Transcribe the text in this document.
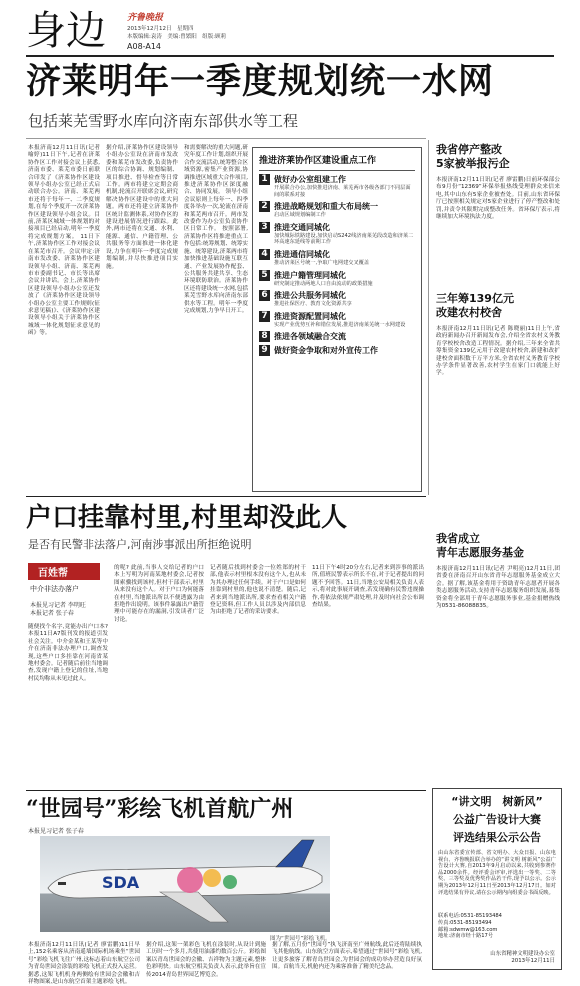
身边 齐鲁晚报
2013年12月12日　星期四
本版编辑:袁涛　美编:曾繁阳　组版:顾莉
A08-A14
济莱明年一季度规划统一水网
包括莱芜雪野水库向济南东部供水等工程
本报济南12月11日讯(记者 喻婷)11日下午,记者在济莱协作区工作对接会议上获悉,济南市委、莱芜市委日前联合印发了《济莱协作区建设领导小组办公室已经正式启动联合办公。济南、莱芜两市还将于每年一、二季度规划,在每个季度开一次济莱协作区建设领导小组会议。目前,济莱区城域一体规划的对接项目已经启动,明年一季度将完成规划方案。 11日下午,济莱协作区工作对接会议在莱芜市召开。会议审定:济南市发改委、济莱协作区建设领导小组、济南、莱芜两市市委副书记、市长等出席会议并讲话。会上,济莱协作区建设领导小组办公室还发放了《济莱协作区建设领导小组办公室主要工作规则(征求意见稿)》、《济莱协作区建设领导小组关于济莱协作区城域一体化规划征求意见的函》等。
据介绍,济莱协作区建设领导小组办公室设在济南市发改委和莱芜市发改委,负责协作区的综合协调、规划编制、项目推进、督导检查等日常工作。两市将建立定期会商机制,轮流召开联席会议,研究解决协作区建设中的重大问题。两市还将建立济莱协作区统计监测体系,对协作区的建设进展情况进行跟踪。此外,两市还将在交通、水利、能源、通信、户籍管理、公共服务等方面推进一体化建设,力争在明年一季度完成规划编制,并尽快推进项目实施。
和需要解决的重大问题,研究年度工作计划,组织开展合作交流活动,统筹整合区域资源,密集产业资源,协调推进区域重大合作项目,推进济莱协作区深度融合、协同发展。 领导小组会议原则上每年一、四季度各举办一次,轮流在济南和莱芜两市召开。两市发改委作为办公室负责协作区日常工作。 按照部署,济莱协作区将推进重点工作包括:统筹规划、统筹实施、统筹建设,济莱两市将加快推进基础设施互联互通、产业发展协作配套、公共服务共建共享、生态环境联防联治。济莱协作区还将建设统一水网,包括莱芜雪野水库向济南东部供水等工程。明年一季度完成规划,力争早日开工。
推进济莱协作区建设重点工作
1 做好办公室组建工作
开展联合办公,加快推进济南、莱芜两市各级各部门不同层面间的联系对接
2 推进战略规划和重大布局统一
启动区域规划编制工作
3 推进交通同城化
加快城际铁路建设,加快启动S242线济南莱芜段改造和济莱二环高速东延线等前期工作
4 推进通信同城化
推动济莱区号统一,争取广电网建交叉覆盖
5 推进户籍管理同城化
研究制定推动两地人口自由流动的政策措施
6 推进公共服务同城化
推进社保医疗、教育文化资源共享
7 推进资源配置同城化
实现产业优势互补和错位发展,推进济南莱芜统一水网建设
8 推进各领域融合交流
9 做好资金争取和对外宣传工作
我省停产整改
5家被举报污企
本报济南12月11日讯(记者 廖雷鹏)日前环保部公布9月份“12369”环保举报热线受理群众来信来电,其中山东有5家企业被查处。目前,山东省环保厅已按照相关规定对5家企业进行了停产整改和处罚,并责令其限期完成整改任务。省环保厅表示,将继续加大环境执法力度。
三年筹139亿元
改建农村校舍
本报济南12月11日讯(记者 陈晓丽)11日上午,省政府新闻办召开新闻发布会,介绍全省农村义务教育学校校舍改造工程情况。据介绍,三年来全省共筹集资金139亿元用于改建农村校舍,新建和改扩建校舍面积数千万平方米,全省农村义务教育学校办学条件显著改善,农村学生在家门口就能上好学。
户口挂靠村里,村里却没此人
是否有民警非法落户,河南涉事派出所拒绝说明
百姓帮
中介非法办落户
本报见习记者 李明旺
本报记者 张子春
随便找个名字,竟能办出户口本?本报11日A7版刊发的报道引发社会关注。中介金某和王某等中介在济南非法办理户口,调查发现,这些户口多挂靠在河南省某地村委会。记者随后前往当地调查,发现户籍上登记的住址,当地村民均称从未见过此人。
的呢? 此前,当事人交给记者的户口本上写明为河南某地村委会,记者按图索骥找到该村,但村干部表示,村里从来没有这个人。对于户口为何能落在村里,当地派出所以不便透露为由拒绝作出说明。该事件暴露出户籍管理中可能存在的漏洞,引发读者广泛讨论。
记者随后找到村委会一位姓郑的村干部,他表示村里根本没有这个人,也从未为其办理过任何手续。对于户口是如何挂靠到村里的,他也说不清楚。随后,记者来到当地派出所,要求查看相关户籍登记资料,但工作人员以涉及内部信息为由拒绝了记者的采访要求。
11日下午4时20分左右,记者来到涉事的派出所,值班民警表示所长不在,对于记者提出的问题不予回答。11日,当地公安局相关负责人表示,将对此事展开调查,若发现确有民警违规操作,将依法依规严肃处理,并及时向社会公布调查结果。
我省成立
青年志愿服务基金
本报济南12月11日讯(记者 尹明亮)12月11日,团省委在济南召开山东省青年志愿服务基金成立大会。据了解,该基金将用于资助青年志愿者开展各类志愿服务活动,支持青年志愿服务组织发展,募集资金将全部用于青年志愿服务事业,基金捐赠热线为0531-86088835。
“世园号”彩绘飞机首航广州
本报见习记者 张子春
SDA
图为“世园号”彩绘飞机。
本报济南12月11日讯(记者 廖雷鹏)11日早上,152名乘客从济南遥墙国际机场乘坐“世园号”彩绘飞机飞往广州,这标志着山东航空公司为青岛世园会涂装的彩绘飞机正式投入运营。据悉,这架飞机机身两侧绘有世园会会徽和吉祥物图案,是山东航空首架主题彩绘飞机。
据介绍,这架一架彩色飞机在涂装时,从设计到施工历时一个多月,共使用油漆约数百公斤。彩绘图案以青岛世园会的会徽、吉祥物为主题元素,整体色彩明快。山东航空相关负责人表示,此举旨在宣传2014青岛世界园艺博览会。
据了解,五月份“世园号”执飞济南至广州航线,此后还将陆续执飞其他航线。山东航空方面表示,希望通过“世园号”彩绘飞机,让更多旅客了解青岛世园会,为世园会的成功举办营造良好氛围。首航当天,机舱内还为乘客准备了精美纪念品。
“讲文明　树新风”
公益广告设计大赛
评选结果公示公告
由山东省委宣传部、省文明办、大众日报、山东电视台、齐鲁晚报联合举办的“讲文明 树新风”公益广告设计大赛,自2013年9月启动以来,共收到参赛作品2000余件。经评委会评审,评选出一等奖、二等奖、三等奖及优秀奖作品若干件,现予以公示。公示期为2013年12月11日至2013年12月17日。如对评选结果有异议,请在公示期内向组委会书面反映。
联系电话:0531-85193484
传真:0531-85193494
邮箱:sdwmw@163.com
地址:济南市经十路17号
山东省精神文明建设办公室
2013年12月11日
